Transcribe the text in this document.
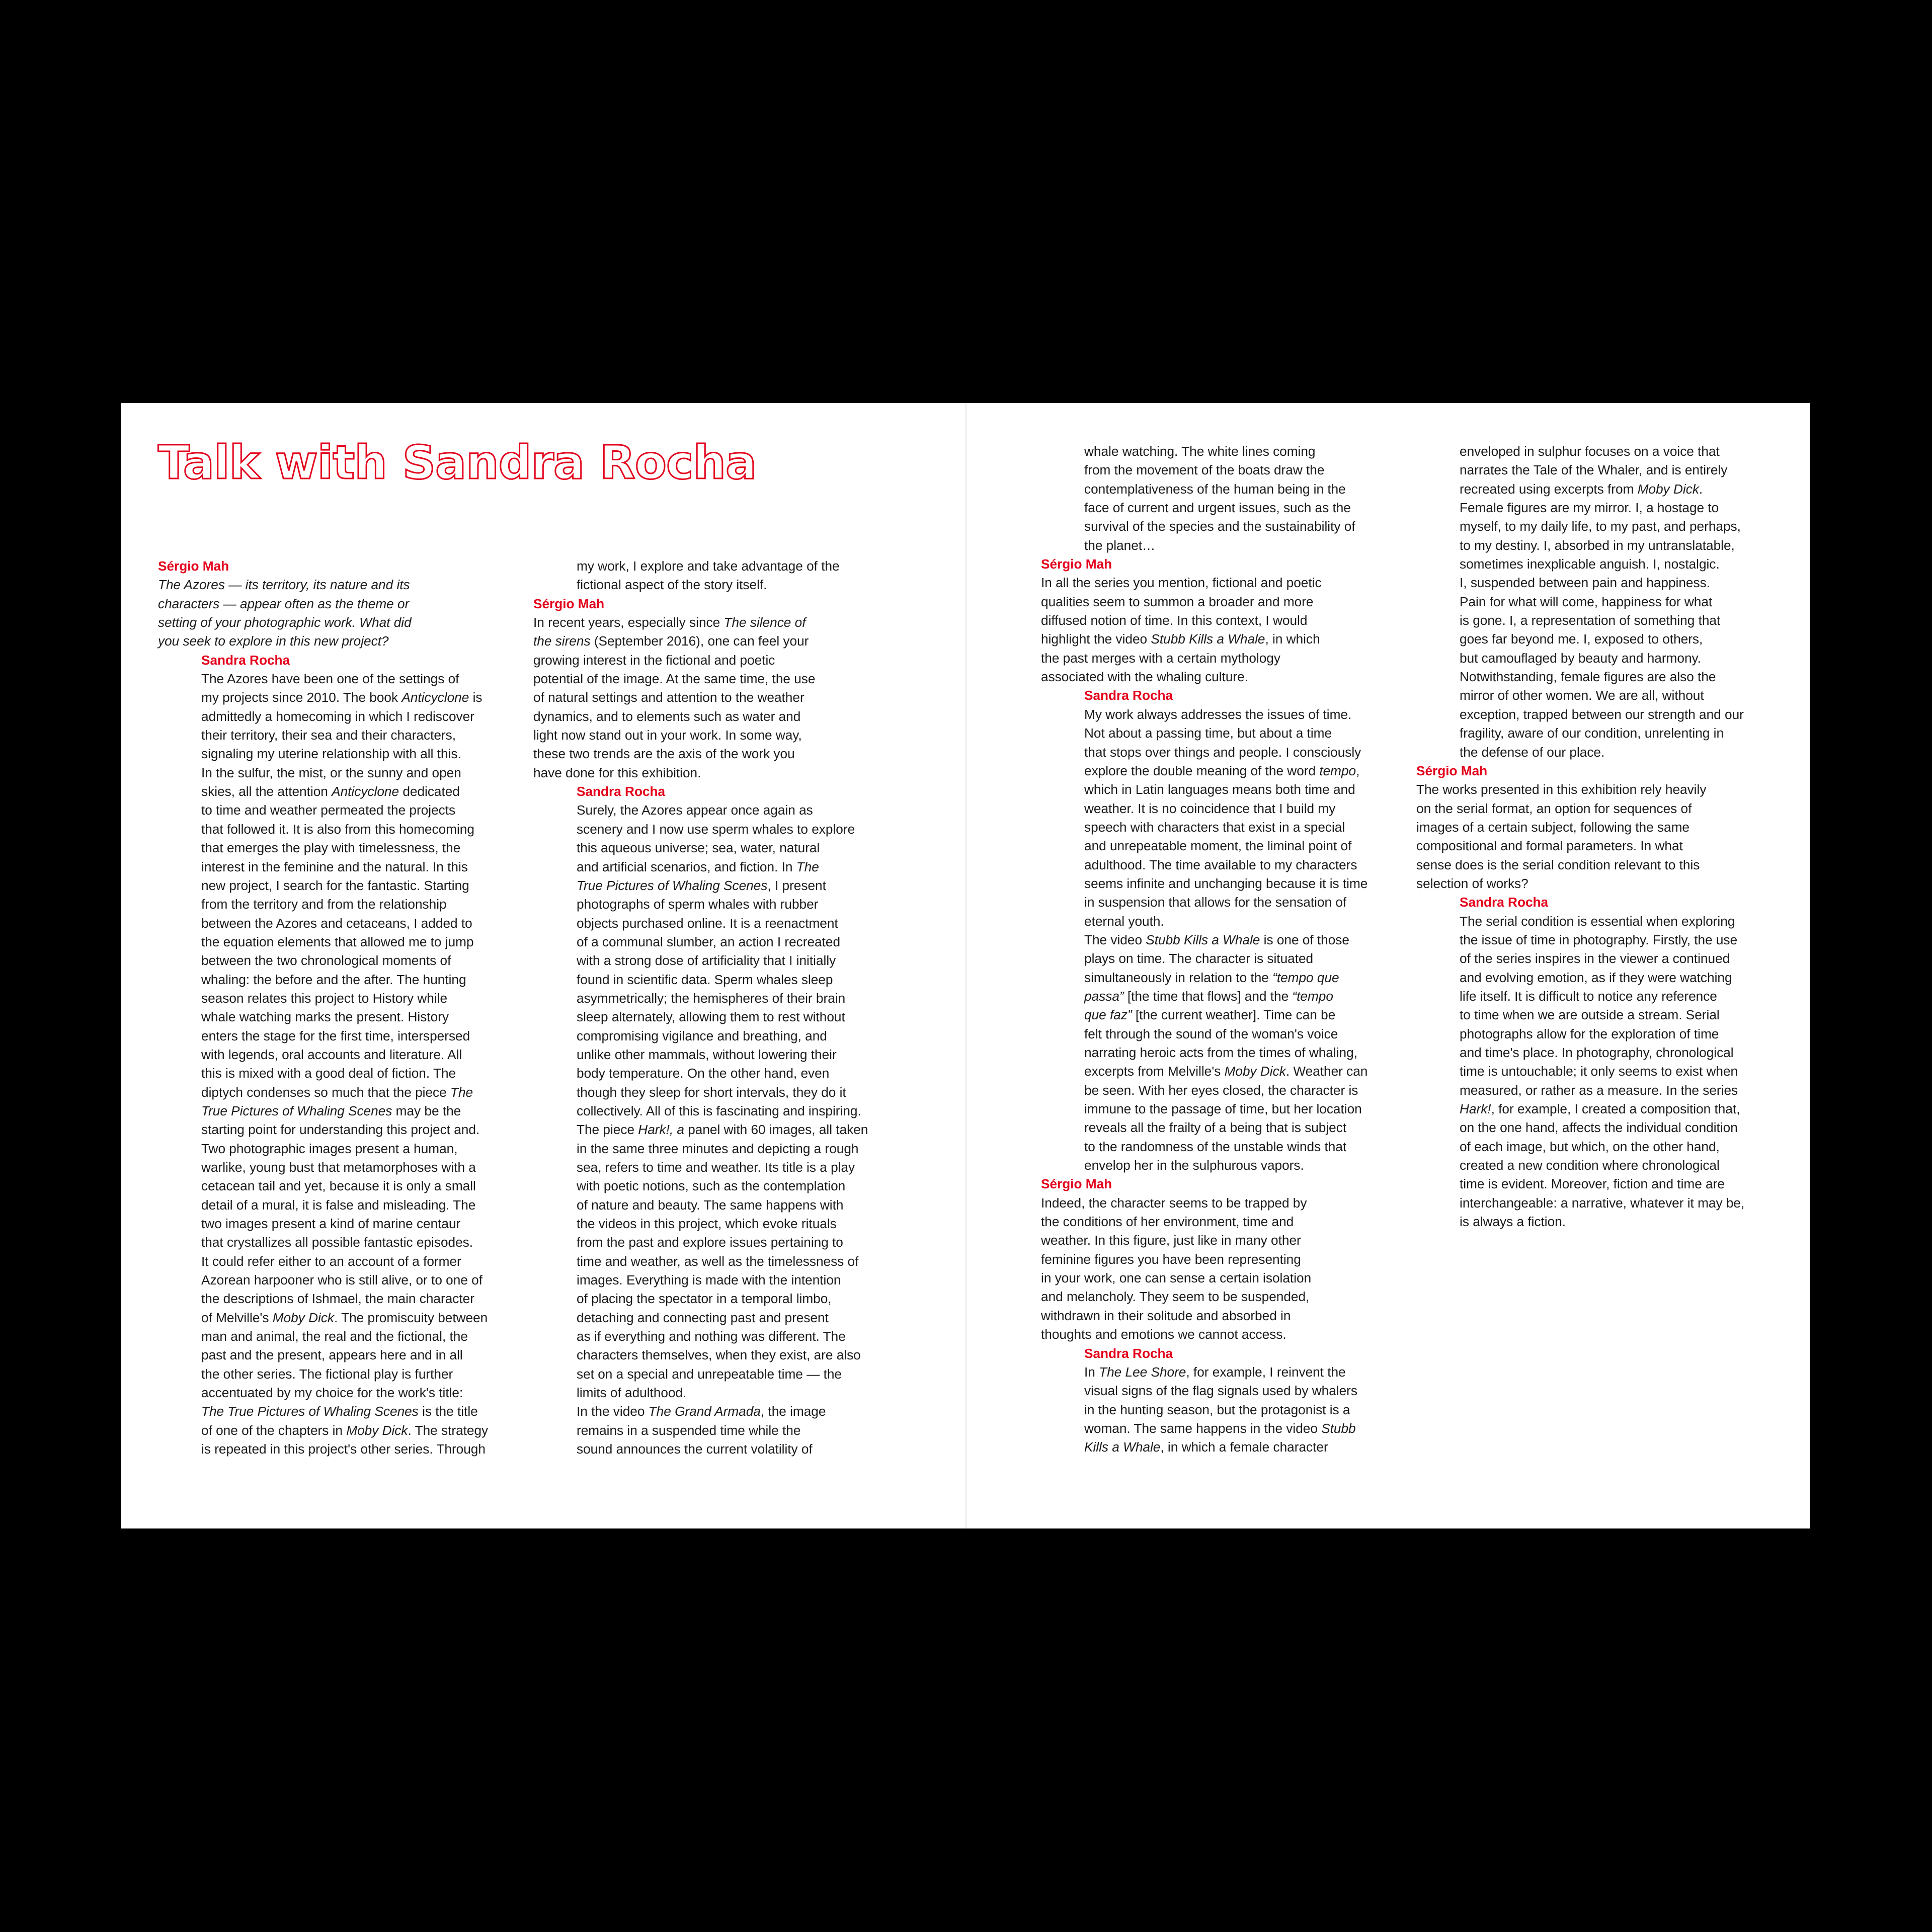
Talk with Sandra Rocha

Sérgio Mah

The Azores — its territory, its nature and its

characters — appear often as the theme or

setting of your photographic work. What did

you seek to explore in this new project?

Sandra Rocha

The Azores have been one of the settings of

my projects since 2010. The book Anticyclone is

admittedly a homecoming in which I rediscover

their territory, their sea and their characters,

signaling my uterine relationship with all this.

In the sulfur, the mist, or the sunny and open

skies, all the attention Anticyclone dedicated

to time and weather permeated the projects

that followed it. It is also from this homecoming

that emerges the play with timelessness, the

interest in the feminine and the natural. In this

new project, I search for the fantastic. Starting

from the territory and from the relationship

between the Azores and cetaceans, I added to

the equation elements that allowed me to jump

between the two chronological moments of

whaling: the before and the after. The hunting

season relates this project to History while

whale watching marks the present. History

enters the stage for the first time, interspersed

with legends, oral accounts and literature. All

this is mixed with a good deal of fiction. The

diptych condenses so much that the piece The

True Pictures of Whaling Scenes may be the

starting point for understanding this project and.

Two photographic images present a human,

warlike, young bust that metamorphoses with a

cetacean tail and yet, because it is only a small

detail of a mural, it is false and misleading. The

two images present a kind of marine centaur

that crystallizes all possible fantastic episodes.

It could refer either to an account of a former

Azorean harpooner who is still alive, or to one of

the descriptions of Ishmael, the main character

of Melville's Moby Dick. The promiscuity between

man and animal, the real and the fictional, the

past and the present, appears here and in all

the other series. The fictional play is further

accentuated by my choice for the work's title:

The True Pictures of Whaling Scenes is the title

of one of the chapters in Moby Dick. The strategy

is repeated in this project's other series. Through

my work, I explore and take advantage of the

fictional aspect of the story itself.

Sérgio Mah

In recent years, especially since The silence of

the sirens (September 2016), one can feel your

growing interest in the fictional and poetic

potential of the image. At the same time, the use

of natural settings and attention to the weather

dynamics, and to elements such as water and

light now stand out in your work. In some way,

these two trends are the axis of the work you

have done for this exhibition.

Sandra Rocha

Surely, the Azores appear once again as

scenery and I now use sperm whales to explore

this aqueous universe; sea, water, natural

and artificial scenarios, and fiction. In The

True Pictures of Whaling Scenes, I present

photographs of sperm whales with rubber

objects purchased online. It is a reenactment

of a communal slumber, an action I recreated

with a strong dose of artificiality that I initially

found in scientific data. Sperm whales sleep

asymmetrically; the hemispheres of their brain

sleep alternately, allowing them to rest without

compromising vigilance and breathing, and

unlike other mammals, without lowering their

body temperature. On the other hand, even

though they sleep for short intervals, they do it

collectively. All of this is fascinating and inspiring.

The piece Hark!, a panel with 60 images, all taken

in the same three minutes and depicting a rough

sea, refers to time and weather. Its title is a play

with poetic notions, such as the contemplation

of nature and beauty. The same happens with

the videos in this project, which evoke rituals

from the past and explore issues pertaining to

time and weather, as well as the timelessness of

images. Everything is made with the intention

of placing the spectator in a temporal limbo,

detaching and connecting past and present

as if everything and nothing was different. The

characters themselves, when they exist, are also

set on a special and unrepeatable time — the

limits of adulthood.

In the video The Grand Armada, the image

remains in a suspended time while the

sound announces the current volatility of

whale watching. The white lines coming

from the movement of the boats draw the

contemplativeness of the human being in the

face of current and urgent issues, such as the

survival of the species and the sustainability of

the planet…

Sérgio Mah

In all the series you mention, fictional and poetic

qualities seem to summon a broader and more

diffused notion of time. In this context, I would

highlight the video Stubb Kills a Whale, in which

the past merges with a certain mythology

associated with the whaling culture.

Sandra Rocha

My work always addresses the issues of time.

Not about a passing time, but about a time

that stops over things and people. I consciously

explore the double meaning of the word tempo,

which in Latin languages means both time and

weather. It is no coincidence that I build my

speech with characters that exist in a special

and unrepeatable moment, the liminal point of

adulthood. The time available to my characters

seems infinite and unchanging because it is time

in suspension that allows for the sensation of

eternal youth.

The video Stubb Kills a Whale is one of those

plays on time. The character is situated

simultaneously in relation to the “tempo que

passa” [the time that flows] and the “tempo

que faz” [the current weather]. Time can be

felt through the sound of the woman's voice

narrating heroic acts from the times of whaling,

excerpts from Melville's Moby Dick. Weather can

be seen. With her eyes closed, the character is

immune to the passage of time, but her location

reveals all the frailty of a being that is subject

to the randomness of the unstable winds that

envelop her in the sulphurous vapors.

Sérgio Mah

Indeed, the character seems to be trapped by

the conditions of her environment, time and

weather. In this figure, just like in many other

feminine figures you have been representing

in your work, one can sense a certain isolation

and melancholy. They seem to be suspended,

withdrawn in their solitude and absorbed in

thoughts and emotions we cannot access.

Sandra Rocha

In The Lee Shore, for example, I reinvent the

visual signs of the flag signals used by whalers

in the hunting season, but the protagonist is a

woman. The same happens in the video Stubb

Kills a Whale, in which a female character

enveloped in sulphur focuses on a voice that

narrates the Tale of the Whaler, and is entirely

recreated using excerpts from Moby Dick.

Female figures are my mirror. I, a hostage to

myself, to my daily life, to my past, and perhaps,

to my destiny. I, absorbed in my untranslatable,

sometimes inexplicable anguish. I, nostalgic.

I, suspended between pain and happiness.

Pain for what will come, happiness for what

is gone. I, a representation of something that

goes far beyond me. I, exposed to others,

but camouflaged by beauty and harmony.

Notwithstanding, female figures are also the

mirror of other women. We are all, without

exception, trapped between our strength and our

fragility, aware of our condition, unrelenting in

the defense of our place.

Sérgio Mah

The works presented in this exhibition rely heavily

on the serial format, an option for sequences of

images of a certain subject, following the same

compositional and formal parameters. In what

sense does is the serial condition relevant to this

selection of works?

Sandra Rocha

The serial condition is essential when exploring

the issue of time in photography. Firstly, the use

of the series inspires in the viewer a continued

and evolving emotion, as if they were watching

life itself. It is difficult to notice any reference

to time when we are outside a stream. Serial

photographs allow for the exploration of time

and time's place. In photography, chronological

time is untouchable; it only seems to exist when

measured, or rather as a measure. In the series

Hark!, for example, I created a composition that,

on the one hand, affects the individual condition

of each image, but which, on the other hand,

created a new condition where chronological

time is evident. Moreover, fiction and time are

interchangeable: a narrative, whatever it may be,

is always a fiction.
